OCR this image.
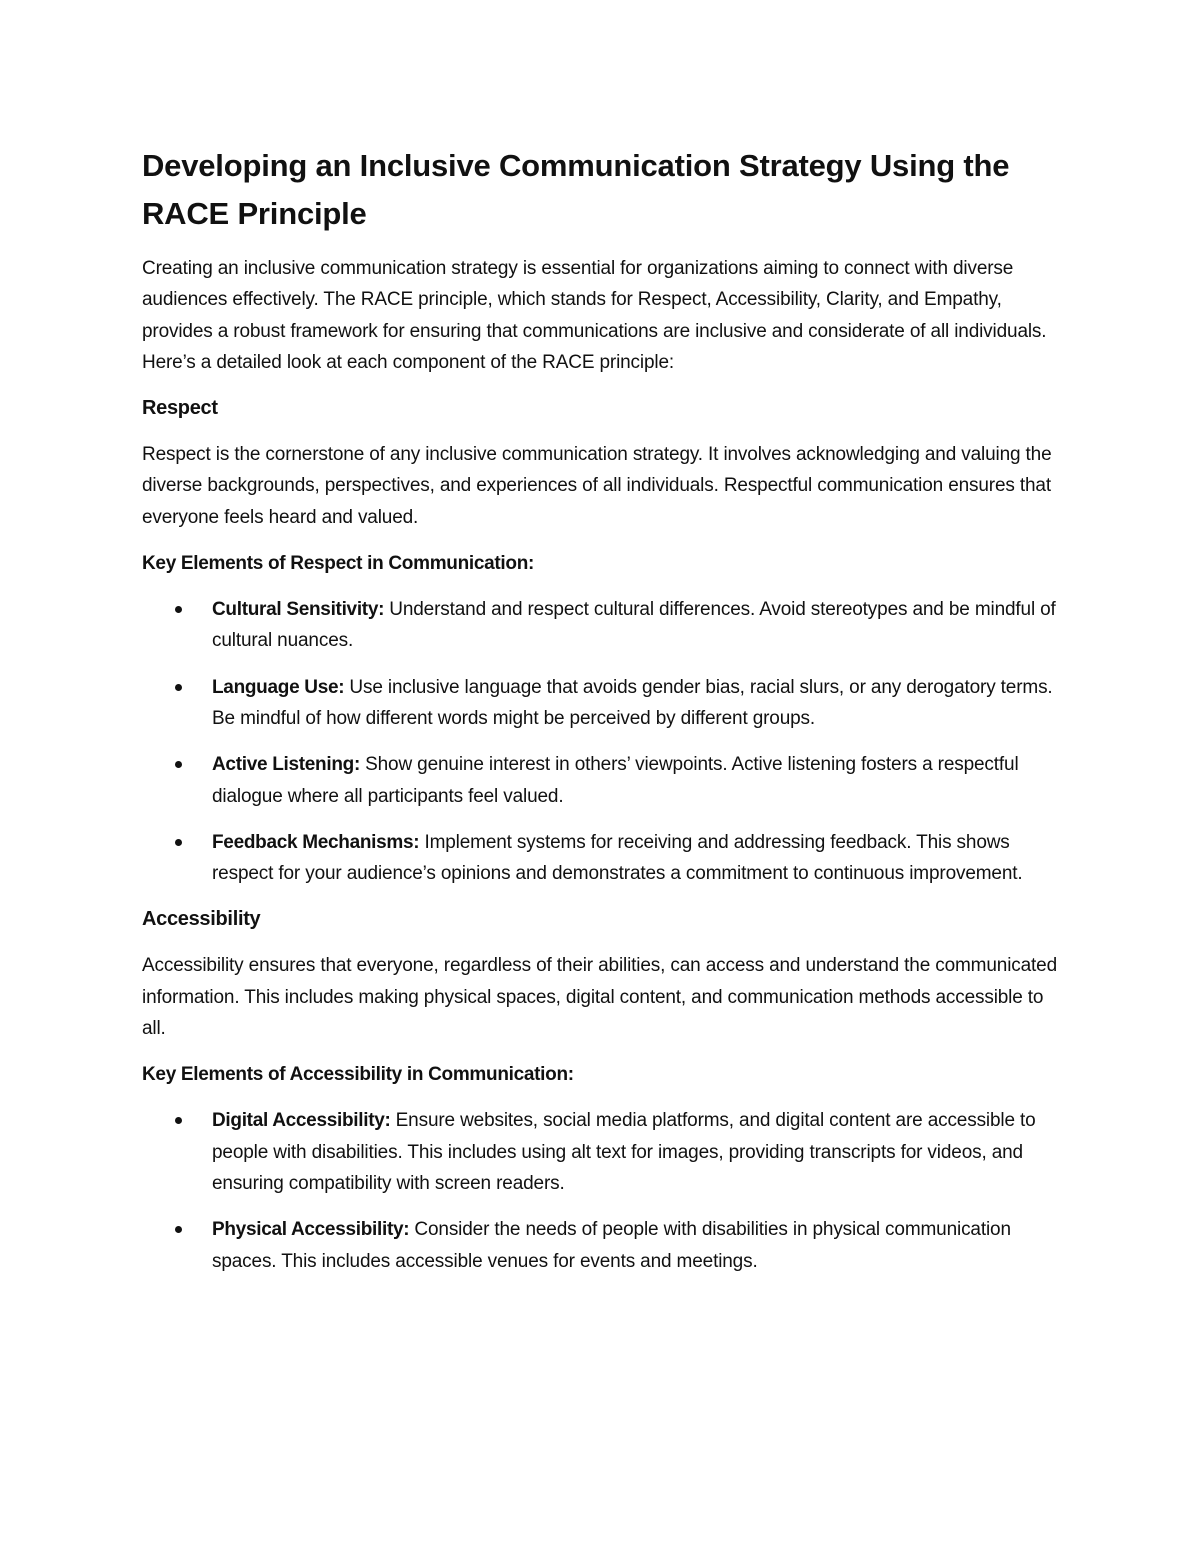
Developing an Inclusive Communication Strategy Using the RACE Principle

Creating an inclusive communication strategy is essential for organizations aiming to connect with diverse audiences effectively. The RACE principle, which stands for Respect, Accessibility, Clarity, and Empathy, provides a robust framework for ensuring that communications are inclusive and considerate of all individuals. Here’s a detailed look at each component of the RACE principle:

Respect

Respect is the cornerstone of any inclusive communication strategy. It involves acknowledging and valuing the diverse backgrounds, perspectives, and experiences of all individuals. Respectful communication ensures that everyone feels heard and valued.

Key Elements of Respect in Communication:
Cultural Sensitivity: Understand and respect cultural differences. Avoid stereotypes and be mindful of cultural nuances.
Language Use: Use inclusive language that avoids gender bias, racial slurs, or any derogatory terms. Be mindful of how different words might be perceived by different groups.
Active Listening: Show genuine interest in others’ viewpoints. Active listening fosters a respectful dialogue where all participants feel valued.
Feedback Mechanisms: Implement systems for receiving and addressing feedback. This shows respect for your audience’s opinions and demonstrates a commitment to continuous improvement.
Accessibility

Accessibility ensures that everyone, regardless of their abilities, can access and understand the communicated information. This includes making physical spaces, digital content, and communication methods accessible to all.

Key Elements of Accessibility in Communication:
Digital Accessibility: Ensure websites, social media platforms, and digital content are accessible to people with disabilities. This includes using alt text for images, providing transcripts for videos, and ensuring compatibility with screen readers.
Physical Accessibility: Consider the needs of people with disabilities in physical communication spaces. This includes accessible venues for events and meetings.
